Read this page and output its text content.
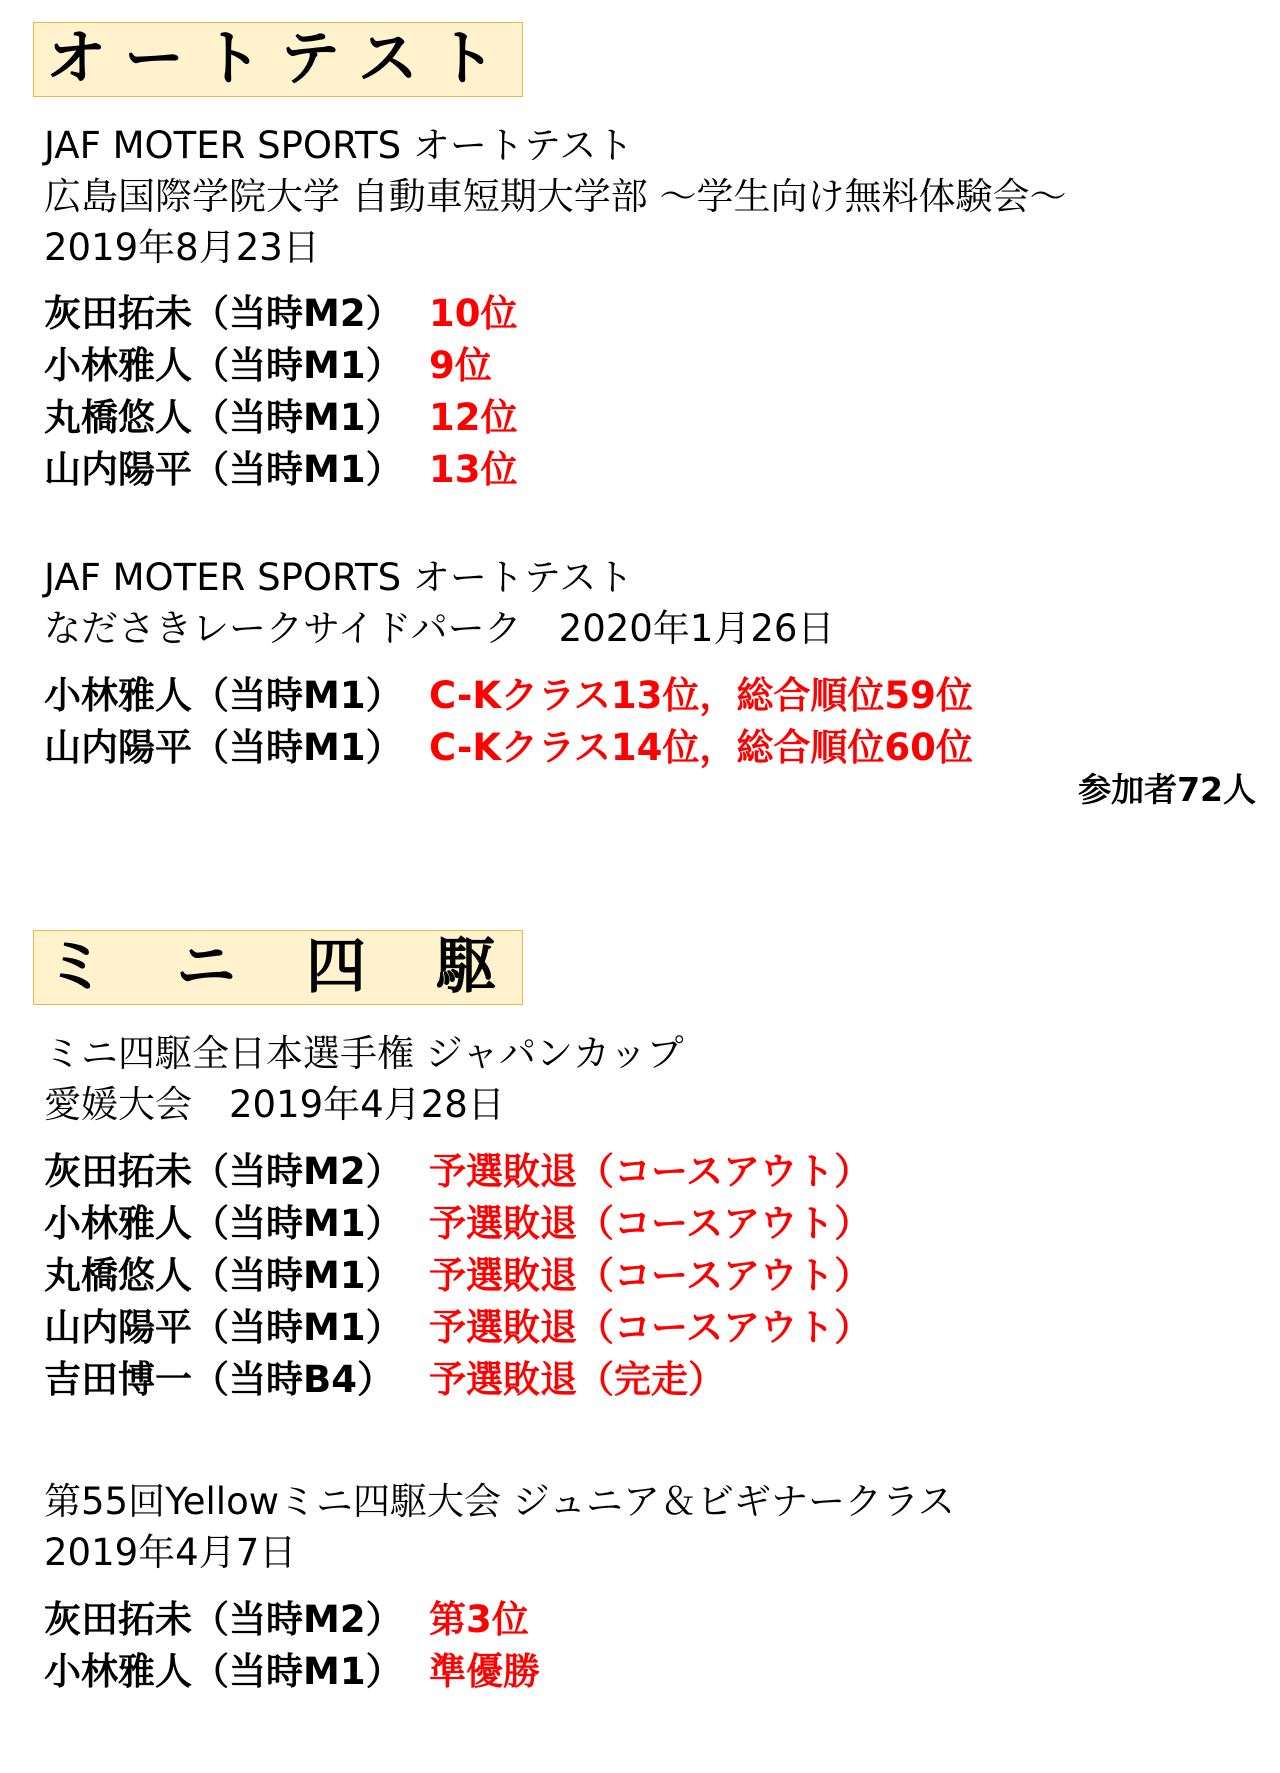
オ ー ト テ ス ト
JAF MOTER SPORTS オートテスト
広島国際学院大学 自動車短期大学部 ～学生向け無料体験会～
2019年8月23日

灰田拓未（当時M2）

10位

小林雅人（当時M1）

9位

丸橋悠人（当時M1）

12位

山内陽平（当時M1）

13位

JAF MOTER SPORTS オートテスト
なださきレークサイドパーク　2020年1月26日

小林雅人（当時M1）

C-Kクラス13位，総合順位59位

山内陽平（当時M1）

C-Kクラス14位，総合順位60位

参加者72人
ミ ニ 四 駆
ミニ四駆全日本選手権 ジャパンカップ
愛媛大会　2019年4月28日

灰田拓未（当時M2）

予選敗退（コースアウト）

小林雅人（当時M1）

予選敗退（コースアウト）

丸橋悠人（当時M1）

予選敗退（コースアウト）

山内陽平（当時M1）

予選敗退（コースアウト）

吉田博一（当時B4）

予選敗退（完走）

第55回Yellowミニ四駆大会 ジュニア＆ビギナークラス
2019年4月7日

灰田拓未（当時M2）

第3位

小林雅人（当時M1）

準優勝
